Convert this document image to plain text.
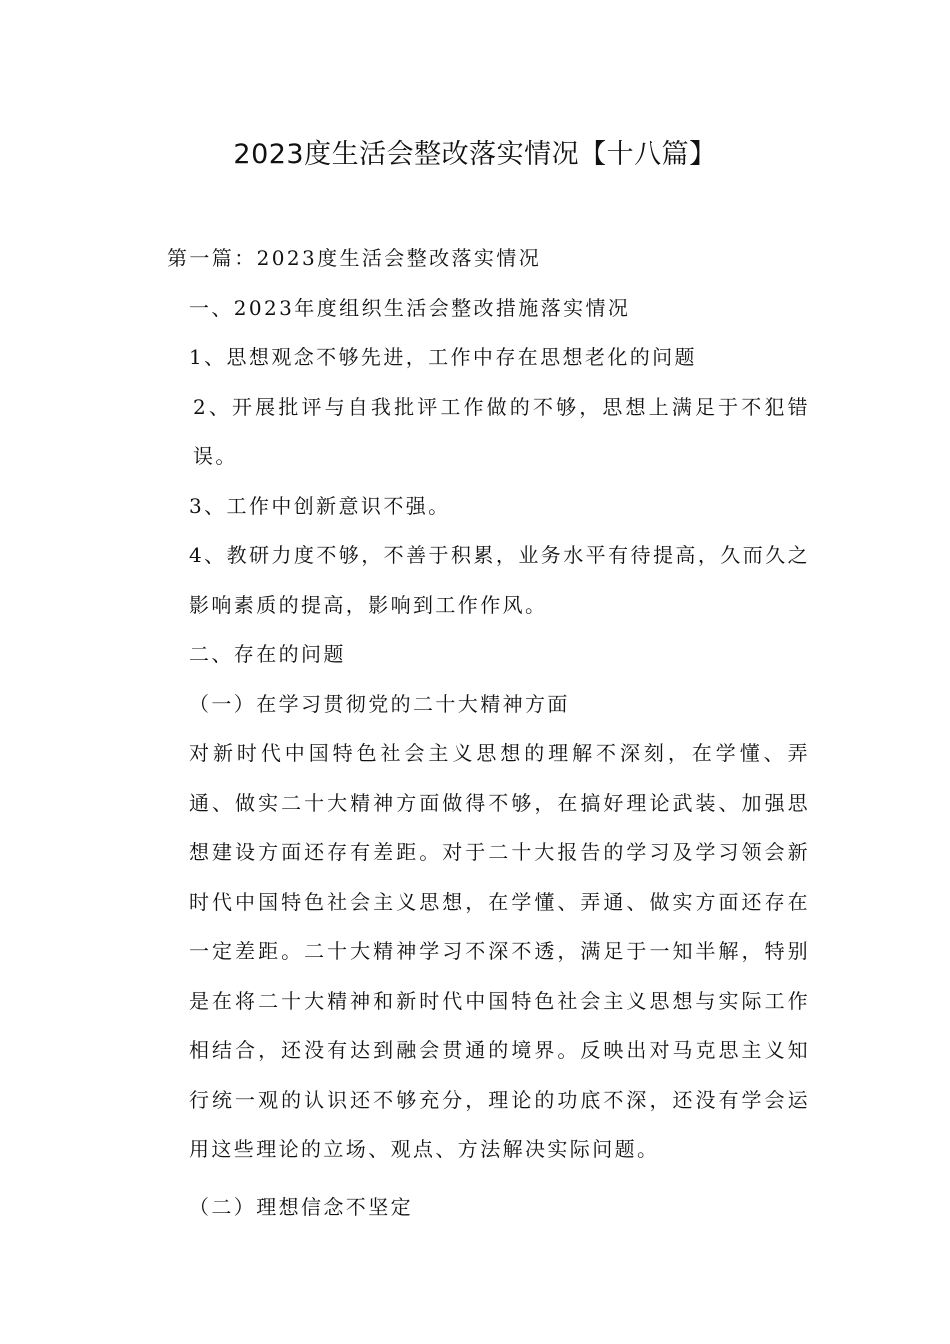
2023度生活会整改落实情况【十八篇】

第一篇：2023度生活会整改落实情况

一、2023年度组织生活会整改措施落实情况

1、思想观念不够先进，工作中存在思想老化的问题

2、开展批评与自我批评工作做的不够，思想上满足于不犯错误。

3、工作中创新意识不强。

4、教研力度不够，不善于积累，业务水平有待提高，久而久之影响素质的提高，影响到工作作风。

二、存在的问题

（一）在学习贯彻党的二十大精神方面

对新时代中国特色社会主义思想的理解不深刻，在学懂、弄通、做实二十大精神方面做得不够，在搞好理论武装、加强思想建设方面还存有差距。对于二十大报告的学习及学习领会新时代中国特色社会主义思想，在学懂、弄通、做实方面还存在一定差距。二十大精神学习不深不透，满足于一知半解，特别是在将二十大精神和新时代中国特色社会主义思想与实际工作相结合，还没有达到融会贯通的境界。反映出对马克思主义知行统一观的认识还不够充分，理论的功底不深，还没有学会运用这些理论的立场、观点、方法解决实际问题。

（二）理想信念不坚定
